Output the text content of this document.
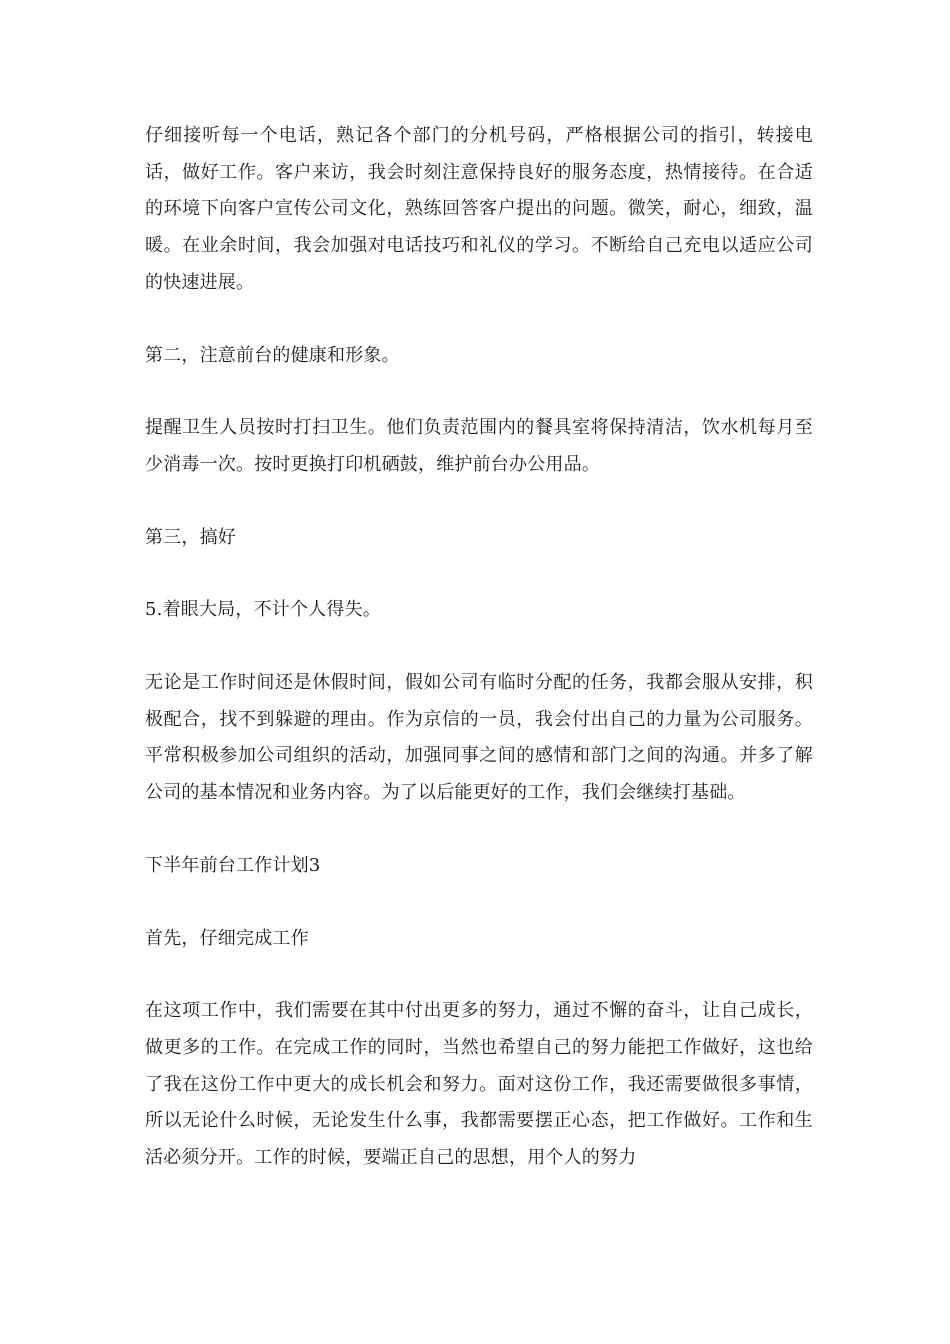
仔细接听每一个电话，熟记各个部门的分机号码，严格根据公司的指引，转接电话，做好工作。客户来访，我会时刻注意保持良好的服务态度，热情接待。在合适的环境下向客户宣传公司文化，熟练回答客户提出的问题。微笑，耐心，细致，温暖。在业余时间，我会加强对电话技巧和礼仪的学习。不断给自己充电以适应公司的快速进展。

第二，注意前台的健康和形象。

提醒卫生人员按时打扫卫生。他们负责范围内的餐具室将保持清洁，饮水机每月至少消毒一次。按时更换打印机硒鼓，维护前台办公用品。

第三，搞好

5.着眼大局，不计个人得失。

无论是工作时间还是休假时间，假如公司有临时分配的任务，我都会服从安排，积极配合，找不到躲避的理由。作为京信的一员，我会付出自己的力量为公司服务。平常积极参加公司组织的活动，加强同事之间的感情和部门之间的沟通。并多了解公司的基本情况和业务内容。为了以后能更好的工作，我们会继续打基础。

下半年前台工作计划3

首先，仔细完成工作

在这项工作中，我们需要在其中付出更多的努力，通过不懈的奋斗，让自己成长，做更多的工作。在完成工作的同时，当然也希望自己的努力能把工作做好，这也给了我在这份工作中更大的成长机会和努力。面对这份工作，我还需要做很多事情，所以无论什么时候，无论发生什么事，我都需要摆正心态，把工作做好。工作和生活必须分开。工作的时候，要端正自己的思想，用个人的努力
